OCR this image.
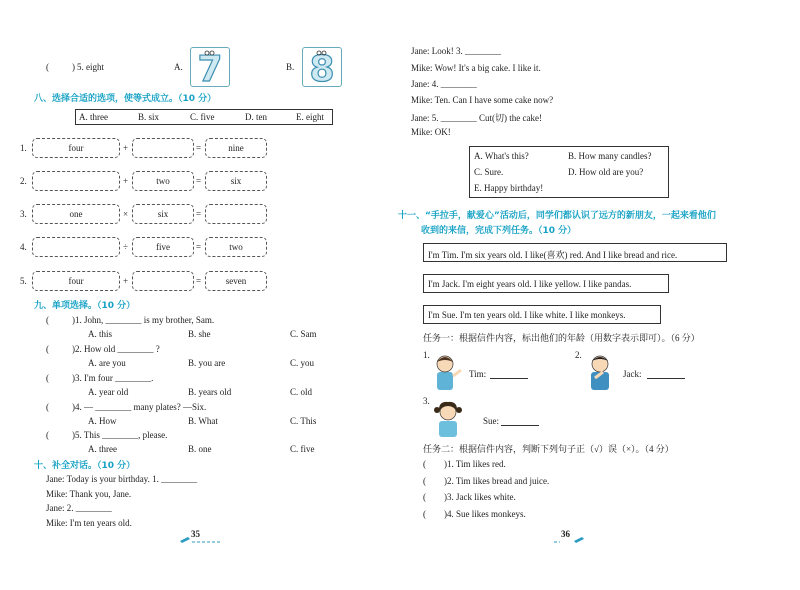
(	) 5. eight	A. 7	B. 8
八、选择合适的选项，使等式成立。（10 分）
A. three	B. six	C. five	D. ten	E. eight
1.	four	+	=	nine
2.	+	two	=	six
3.	one	×	six	=
4.	÷	five	=	two
5.	four	+	=	seven
九、单项选择。（10 分）
(	)1. John, ________ is my brother, Sam.
A. this	B. she	C. Sam
(	)2. How old ________ ?
A. are you	B. you are	C. you
(	)3. I'm four ________.
A. year old	B. years old	C. old
(	)4. — ________ many plates? —Six.
A. How	B. What	C. This
(	)5. This ________, please.
A. three	B. one	C. five
十、补全对话。（10 分）
Jane: Today is your birthday. 1. ________
Mike: Thank you, Jane.
Jane: 2. ________
Mike: I'm ten years old.
35
Jane: Look! 3. ________
Mike: Wow! It's a big cake. I like it.
Jane: 4. ________
Mike: Ten. Can I have some cake now?
Jane: 5. ________ Cut(切) the cake!
Mike: OK!
A. What's this?	B. How many candles?
C. Sure.	D. How old are you?
E. Happy birthday!
十一、“手拉手，献爱心”活动后，同学们都认识了远方的新朋友，一起来看他们
收到的来信，完成下列任务。（10 分）
I'm Tim. I'm six years old. I like(喜欢) red. And I like bread and rice.
I'm Jack. I'm eight years old. I like yellow. I like pandas.
I'm Sue. I'm ten years old. I like white. I like monkeys.
任务一：根据信件内容，标出他们的年龄（用数字表示即可）。（6 分）
1.
Tim:
2.
Jack:
3.
Sue:
任务二：根据信件内容，判断下列句子正（√）误（×）。（4 分）
( )1. Tim likes red.
( )2. Tim likes bread and juice.
( )3. Jack likes white.
( )4. Sue likes monkeys.
36
